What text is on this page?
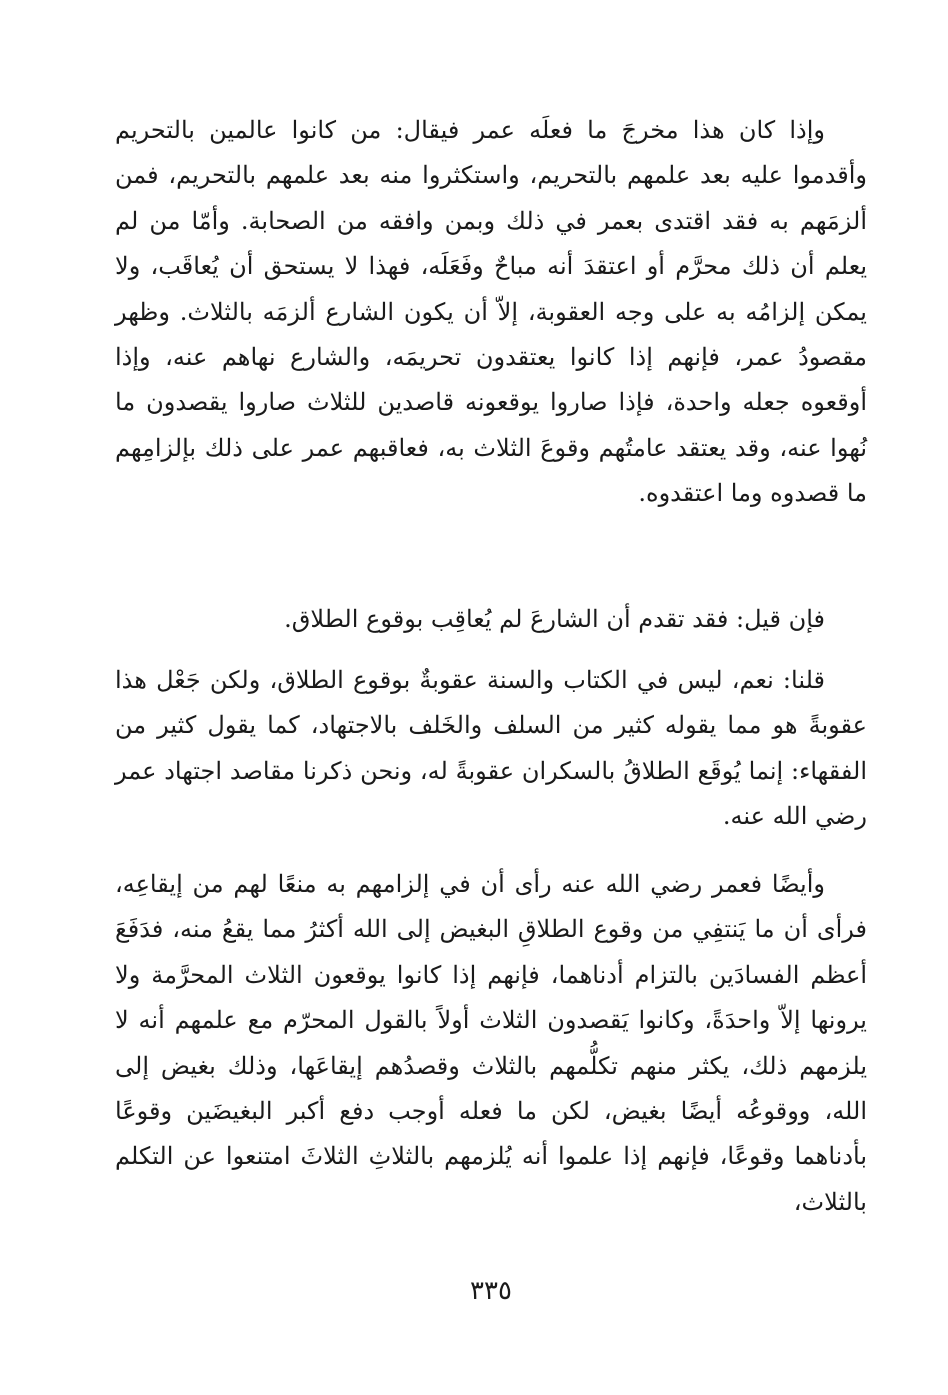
وإذا كان هذا مخرجَ ما فعلَه عمر فيقال: من كانوا عالمين بالتحريم وأقدموا عليه بعد علمهم بالتحريم، واستكثروا منه بعد علمهم بالتحريم، فمن ألزمَهم به فقد اقتدى بعمر في ذلك وبمن وافقه من الصحابة. وأمّا من لم يعلم أن ذلك محرَّم أو اعتقدَ أنه مباحٌ وفَعَلَه، فهذا لا يستحق أن يُعاقَب، ولا يمكن إلزامُه به على وجه العقوبة، إلاّ أن يكون الشارع ألزمَه بالثلاث. وظهر مقصودُ عمر، فإنهم إذا كانوا يعتقدون تحريمَه، والشارع نهاهم عنه، وإذا أوقعوه جعله واحدة، فإذا صاروا يوقعونه قاصدين للثلاث صاروا يقصدون ما نُهوا عنه، وقد يعتقد عامتُهم وقوعَ الثلاث به، فعاقبهم عمر على ذلك بإلزامِهم ما قصدوه وما اعتقدوه.

فإن قيل: فقد تقدم أن الشارعَ لم يُعاقِب بوقوع الطلاق.

قلنا: نعم، ليس في الكتاب والسنة عقوبةٌ بوقوع الطلاق، ولكن جَعْل هذا عقوبةً هو مما يقوله كثير من السلف والخَلف بالاجتهاد، كما يقول كثير من الفقهاء: إنما يُوقَع الطلاقُ بالسكران عقوبةً له، ونحن ذكرنا مقاصد اجتهاد عمر رضي الله عنه.

وأيضًا فعمر رضي الله عنه رأى أن في إلزامهم به منعًا لهم من إيقاعِه، فرأى أن ما يَنتفِي من وقوع الطلاقِ البغيض إلى الله أكثرُ مما يقعُ منه، فدَفَعَ أعظم الفسادَين بالتزام أدناهما، فإنهم إذا كانوا يوقعون الثلاث المحرَّمة ولا يرونها إلاّ واحدَةً، وكانوا يَقصدون الثلاث أولاً بالقول المحرّم مع علمهم أنه لا يلزمهم ذلك، يكثر منهم تكلُّمهم بالثلاث وقصدُهم إيقاعَها، وذلك بغيض إلى الله، ووقوعُه أيضًا بغيض، لكن ما فعله أوجب دفع أكبر البغيضَين وقوعًا بأدناهما وقوعًا، فإنهم إذا علموا أنه يُلزمهم بالثلاثِ الثلاثَ امتنعوا عن التكلم بالثلاث،

٣٣٥
